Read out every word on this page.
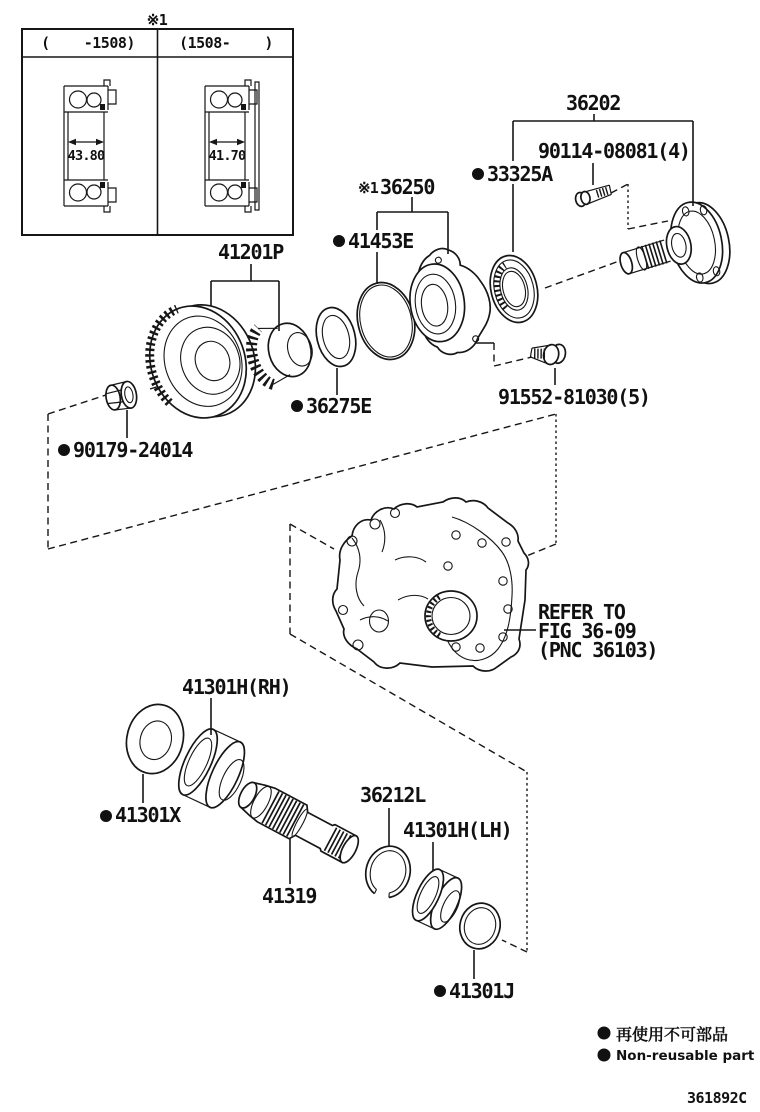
※1
(    -1508)	(1508-    )
43.80	41.70
41201P
※1 36250
41453E
33325A
36202
90114-08081(4)
36275E	91552-81030(5)
90179-24014
REFER TO
FIG 36-09
(PNC 36103)
41301H(RH)
41301X
36212L
41301H(LH)
41319
41301J
再使用不可部品
Non-reusable part
361892C
